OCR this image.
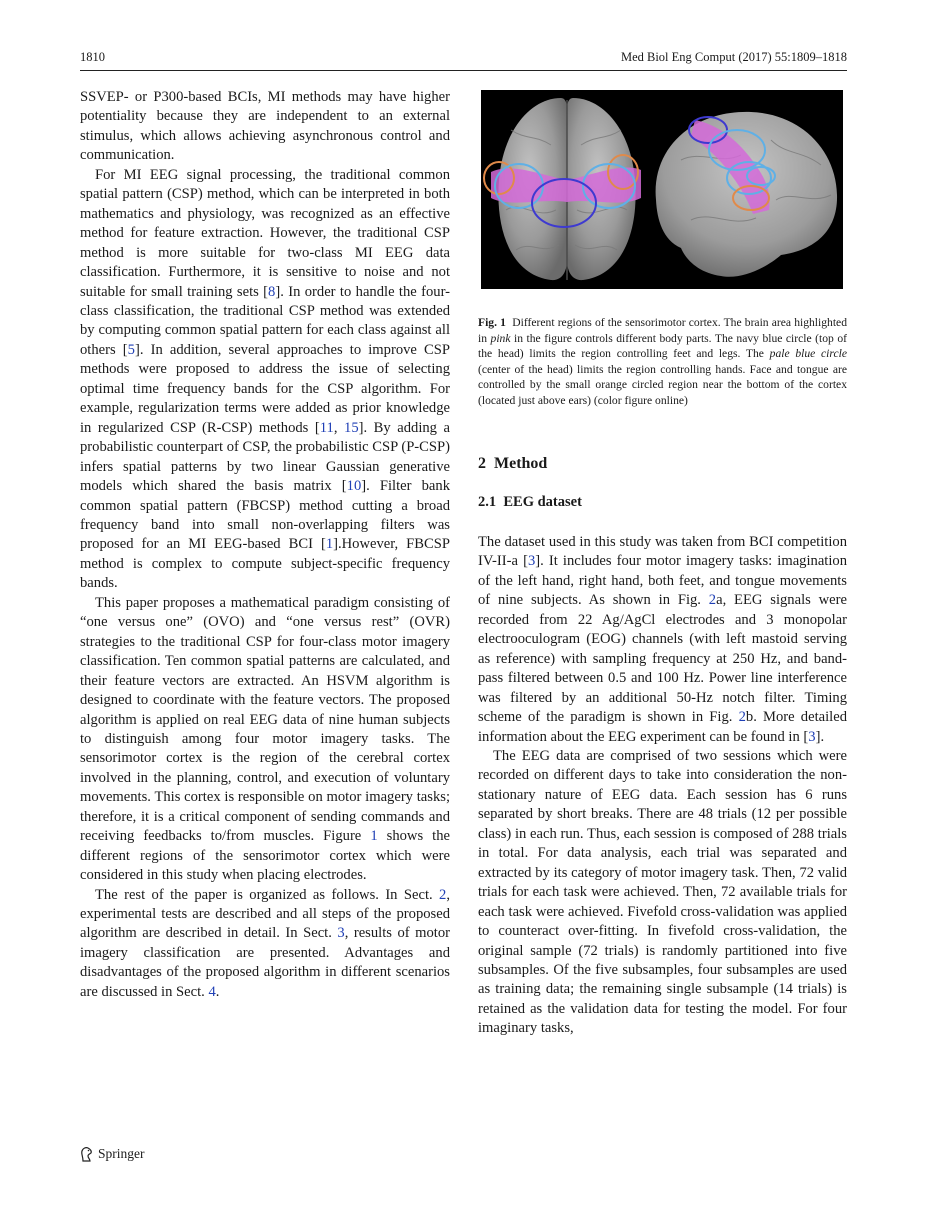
1810	Med Biol Eng Comput (2017) 55:1809–1818

SSVEP- or P300-based BCIs, MI methods may have higher potentiality because they are independent to an external stimulus, which allows achieving asynchronous control and communication.

For MI EEG signal processing, the traditional common spatial pattern (CSP) method, which can be interpreted in both mathematics and physiology, was recognized as an effective method for feature extraction. However, the traditional CSP method is more suitable for two-class MI EEG data classification. Furthermore, it is sensitive to noise and not suitable for small training sets [8]. In order to handle the four-class classification, the traditional CSP method was extended by computing common spatial pattern for each class against all others [5]. In addition, several approaches to improve CSP methods were proposed to address the issue of selecting optimal time frequency bands for the CSP algorithm. For example, regularization terms were added as prior knowledge in regularized CSP (R-CSP) methods [11, 15]. By adding a probabilistic counterpart of CSP, the probabilistic CSP (P-CSP) infers spatial patterns by two linear Gaussian generative models which shared the basis matrix [10]. Filter bank common spatial pattern (FBCSP) method cutting a broad frequency band into small non-overlapping filters was proposed for an MI EEG-based BCI [1].However, FBCSP method is complex to compute subject-specific frequency bands.

This paper proposes a mathematical paradigm consisting of “one versus one” (OVO) and “one versus rest” (OVR) strategies to the traditional CSP for four-class motor imagery classification. Ten common spatial patterns are calculated, and their feature vectors are extracted. An HSVM algorithm is designed to coordinate with the feature vectors. The proposed algorithm is applied on real EEG data of nine human subjects to distinguish among four motor imagery tasks. The sensorimotor cortex is the region of the cerebral cortex involved in the planning, control, and execution of voluntary movements. This cortex is responsible on motor imagery tasks; therefore, it is a critical component of sending commands and receiving feedbacks to/from muscles. Figure 1 shows the different regions of the sensorimotor cortex which were considered in this study when placing electrodes.

The rest of the paper is organized as follows. In Sect. 2, experimental tests are described and all steps of the proposed algorithm are described in detail. In Sect. 3, results of motor imagery classification are presented. Advantages and disadvantages of the proposed algorithm in different scenarios are discussed in Sect. 4.

Fig. 1 Different regions of the sensorimotor cortex. The brain area highlighted in pink in the figure controls different body parts. The navy blue circle (top of the head) limits the region controlling feet and legs. The pale blue circle (center of the head) limits the region controlling hands. Face and tongue are controlled by the small orange circled region near the bottom of the cortex (located just above ears) (color figure online)
2 Method
2.1 EEG dataset

The dataset used in this study was taken from BCI competition IV-II-a [3]. It includes four motor imagery tasks: imagination of the left hand, right hand, both feet, and tongue movements of nine subjects. As shown in Fig. 2a, EEG signals were recorded from 22 Ag/AgCl electrodes and 3 monopolar electrooculogram (EOG) channels (with left mastoid serving as reference) with sampling frequency at 250 Hz, and band-pass filtered between 0.5 and 100 Hz. Power line interference was filtered by an additional 50-Hz notch filter. Timing scheme of the paradigm is shown in Fig. 2b. More detailed information about the EEG experiment can be found in [3].

The EEG data are comprised of two sessions which were recorded on different days to take into consideration the non-stationary nature of EEG data. Each session has 6 runs separated by short breaks. There are 48 trials (12 per possible class) in each run. Thus, each session is composed of 288 trials in total. For data analysis, each trial was separated and extracted by its category of motor imagery task. Then, 72 valid trials for each task were achieved. Then, 72 available trials for each task were achieved. Fivefold cross-validation was applied to counteract over-fitting. In fivefold cross-validation, the original sample (72 trials) is randomly partitioned into five subsamples. Of the five subsamples, four subsamples are used as training data; the remaining single subsample (14 trials) is retained as the validation data for testing the model. For four imaginary tasks,

Springer
